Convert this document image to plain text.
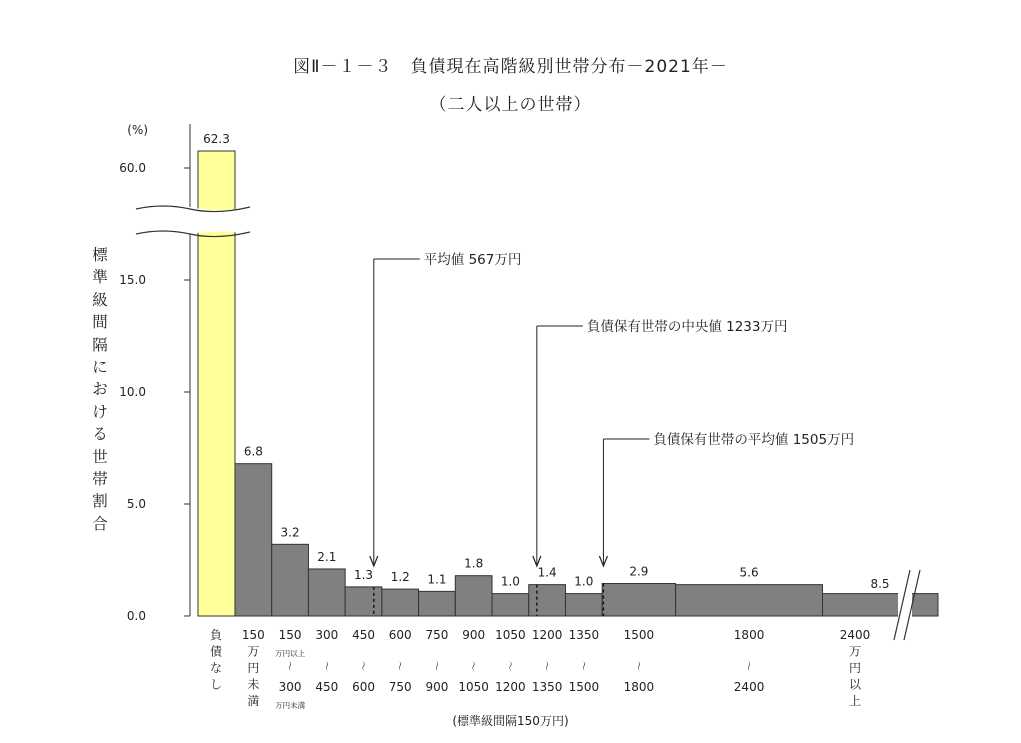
図Ⅱ－１－３　負債現在高階級別世帯分布－2021年－
（二人以上の世帯）
標
準
級
間
隔
に
お
け
る
世
帯
割
合
(標準級間隔150万円)
0.0
5.0
10.0
15.0
60.0
(%)
62.3
6.8
3.2
2.1
1.3 1.2 1.1
1.8
1.0
1.4
1.0
2.9	5.6
8.5
平均値 567万円
負債保有世帯の中央値 1233万円
負債保有世帯の平均値 1505万円
負
債
な
し
150
万
円
未
満
150
万円以上
～
300
万円未満
300
～
450
450
～
600
600
～
750
750
～
900
900
～
1050
1050
～
1200
1200
～
1350
1350
～
1500
1500
～
1800
1800
～
2400
2400
万
円
以
上
